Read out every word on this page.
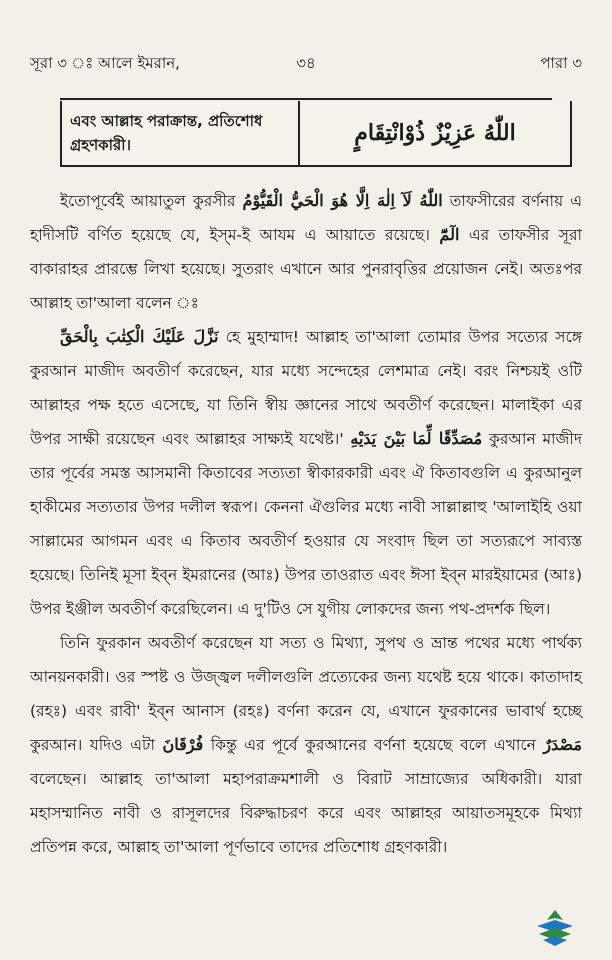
সূরা ৩ ঃ আলে ইমরান,	৩৪	পারা ৩
এবং আল্লাহ পরাক্রান্ত, প্রতিশোধ গ্রহণকারী।	اللّٰهُ عَزِيْزٌ ذُوْانْتِقَامٍ

ইতোপূর্বেই আয়াতুল কুরসীর اللّٰهُ لَآ اِلٰهَ اِلَّا هُوَ الْحَيُّ الْقَيُّوْمُ তাফসীরের বর্ণনায় এ হাদীসটি বর্ণিত হয়েছে যে, ইস্‌ম-ই আযম এ আয়াতে রয়েছে। الٓمّٓ এর তাফসীর সূরা বাকারাহর প্রারম্ভে লিখা হয়েছে। সুতরাং এখানে আর পুনরাবৃত্তির প্রয়োজন নেই। অতঃপর আল্লাহ তা'আলা বলেন ঃ

نَزَّلَ عَلَيْكَ الْكِتٰبَ بِالْحَقِّ হে মুহাম্মাদ! আল্লাহ তা'আলা তোমার উপর সত্যের সঙ্গে কুরআন মাজীদ অবতীর্ণ করেছেন, যার মধ্যে সন্দেহের লেশমাত্র নেই। বরং নিশ্চয়ই ওটি আল্লাহর পক্ষ হতে এসেছে, যা তিনি স্বীয় জ্ঞানের সাথে অবতীর্ণ করেছেন। মালাইকা এর উপর সাক্ষী রয়েছেন এবং আল্লাহর সাক্ষ্যই যথেষ্ট।' مُصَدِّقًا لِّمَا بَيْنَ يَدَيْهِ কুরআন মাজীদ তার পূর্বের সমস্ত আসমানী কিতাবের সত্যতা স্বীকারকারী এবং ঐ কিতাবগুলি এ কুরআনুল হাকীমের সত্যতার উপর দলীল স্বরূপ। কেননা ঐগুলির মধ্যে নাবী সাল্লাল্লাহু 'আলাইহি ওয়া সাল্লামের আগমন এবং এ কিতাব অবতীর্ণ হওয়ার যে সংবাদ ছিল তা সত্যরূপে সাব্যস্ত হয়েছে। তিনিই মূসা ইব্‌ন ইমরানের (আঃ) উপর তাওরাত এবং ঈসা ইব্‌ন মারইয়ামের (আঃ) উপর ইঞ্জীল অবতীর্ণ করেছিলেন। এ দু'টিও সে যুগীয় লোকদের জন্য পথ-প্রদর্শক ছিল।

তিনি ফুরকান অবতীর্ণ করেছেন যা সত্য ও মিথ্যা, সুপথ ও ভ্রান্ত পথের মধ্যে পার্থক্য আনয়নকারী। ওর স্পষ্ট ও উজ্জ্বল দলীলগুলি প্রত্যেকের জন্য যথেষ্ট হয়ে থাকে। কাতাদাহ (রহঃ) এবং রাবী' ইব্‌ন আনাস (রহঃ) বর্ণনা করেন যে, এখানে ফুরকানের ভাবার্থ হচ্ছে কুরআন। যদিও এটা فُرْقَانَ কিন্তু এর পূর্বে কুরআনের বর্ণনা হয়েছে বলে এখানে مَصْدَرٌ বলেছেন। আল্লাহ তা'আলা মহাপরাক্রমশালী ও বিরাট সাম্রাজ্যের অধিকারী। যারা মহাসম্মানিত নাবী ও রাসূলদের বিরুদ্ধাচরণ করে এবং আল্লাহর আয়াতসমূহকে মিথ্যা প্রতিপন্ন করে, আল্লাহ তা'আলা পূর্ণভাবে তাদের প্রতিশোধ গ্রহণকারী।
